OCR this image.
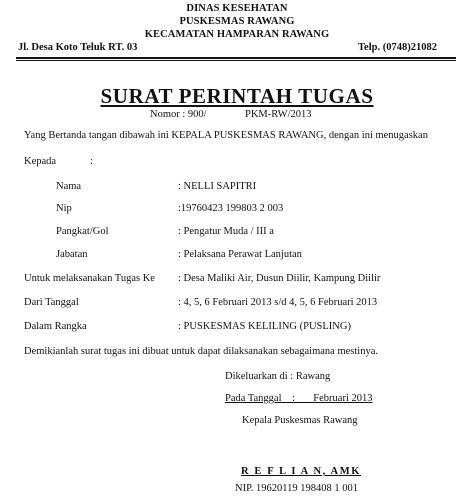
DINAS KESEHATAN
PUSKESMAS RAWANG
KECAMATAN HAMPARAN RAWANG
Jl. Desa Koto Teluk RT. 03	Telp. (0748)21082
SURAT PERINTAH TUGAS
Nomor : 900/	PKM-RW/2013
Yang Bertanda tangan dibawah ini KEPALA PUSKESMAS RAWANG, dengan ini menugaskan
Kepada	:
Nama	: NELLI SAPITRI
Nip	:19760423 199803 2 003
Pangkat/Gol	: Pengatur Muda / III a
Jabatan	: Pelaksana Perawat Lanjutan
Untuk melaksanakan Tugas Ke : Desa Maliki Air, Dusun Diilir, Kampung Diilir
Dari Tanggal	: 4, 5, 6 Februari 2013 s/d 4, 5, 6 Februari 2013
Dalam Rangka	: PUSKESMAS KELILING (PUSLING)
Demikianlah surat tugas ini dibuat untuk dapat dilaksanakan sebagaimana mestinya.
Dikeluarkan di : Rawang
Pada Tanggal    :       Februari 2013
Kepala Puskesmas Rawang
R E F L I A N, AMK
NIP. 19620119 198408 1 001
